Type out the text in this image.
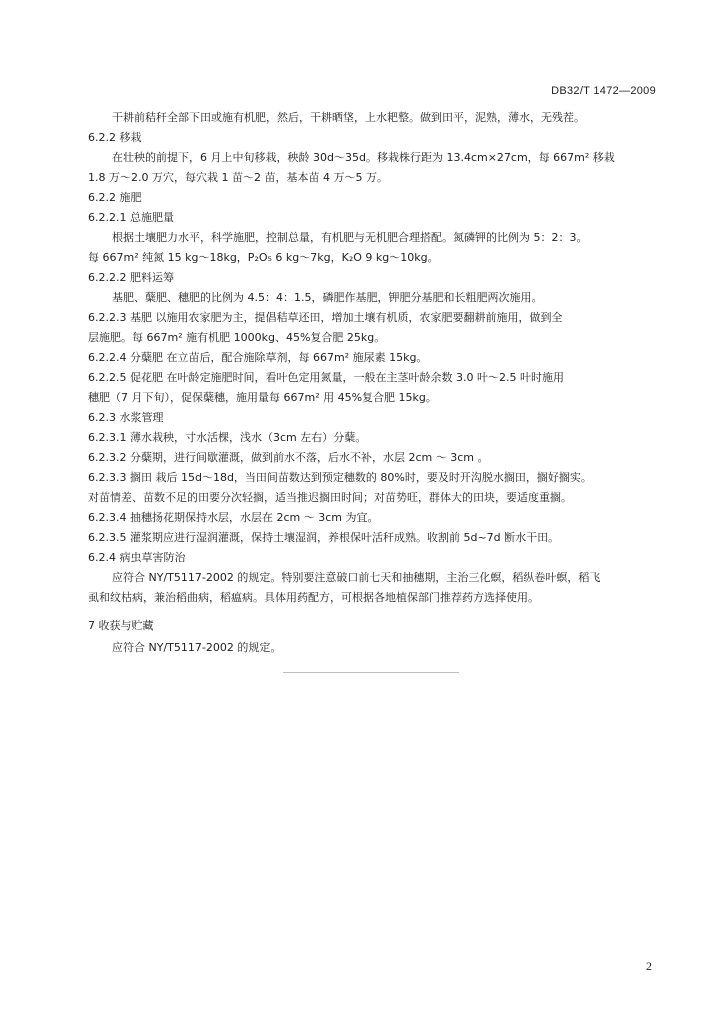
DB32/T 1472—2009
干耕前秸秆全部下田或施有机肥，然后，干耕晒垡，上水耙整。做到田平，泥熟，薄水，无残茬。
6.2.2 移栽
在壮秧的前提下，6 月上中旬移栽，秧龄 30d～35d。移栽株行距为 13.4cm×27cm，每 667m² 移栽
1.8 万～2.0 万穴，每穴栽 1 苗～2 苗，基本苗 4 万～5 万。
6.2.2 施肥
6.2.2.1 总施肥量
根据土壤肥力水平，科学施肥，控制总量，有机肥与无机肥合理搭配。氮磷钾的比例为 5：2：3。
每 667m² 纯氮 15 kg～18kg，P₂O₅ 6 kg～7kg，K₂O 9 kg～10kg。
6.2.2.2 肥料运筹
基肥、蘖肥、穗肥的比例为 4.5：4：1.5，磷肥作基肥，钾肥分基肥和长粗肥两次施用。
6.2.2.3 基肥 以施用农家肥为主，提倡秸草还田，增加土壤有机质，农家肥要翻耕前施用，做到全
层施肥。每 667m² 施有机肥 1000kg、45%复合肥 25kg。
6.2.2.4 分蘖肥 在立苗后，配合施除草剂，每 667m² 施尿素 15kg。
6.2.2.5 促花肥 在叶龄定施肥时间，看叶色定用氮量，一般在主茎叶龄余数 3.0 叶～2.5 叶时施用
穗肥（7 月下旬），促保蘖穗，施用量每 667m² 用 45%复合肥 15kg。
6.2.3 水浆管理
6.2.3.1 薄水栽秧，寸水活棵，浅水（3cm 左右）分蘖。
6.2.3.2 分蘖期，进行间歇灌溉，做到前水不落，后水不补，水层 2cm ～ 3cm 。
6.2.3.3 搁田 栽后 15d～18d，当田间苗数达到预定穗数的 80%时，要及时开沟脱水搁田，搁好搁实。
对苗情差、苗数不足的田要分次轻搁，适当推迟搁田时间；对苗势旺，群体大的田块，要适度重搁。
6.2.3.4 抽穗扬花期保持水层，水层在 2cm ～ 3cm 为宜。
6.2.3.5 灌浆期应进行湿润灌溉，保持土壤湿润，养根保叶活秆成熟。收割前 5d~7d 断水干田。
6.2.4 病虫草害防治
应符合 NY/T5117-2002 的规定。特别要注意破口前七天和抽穗期，主治三化螟，稻纵卷叶螟，稻飞
虱和纹枯病，兼治稻曲病，稻瘟病。具体用药配方，可根据各地植保部门推荐药方选择使用。
7 收获与贮藏
应符合 NY/T5117-2002 的规定。
2
